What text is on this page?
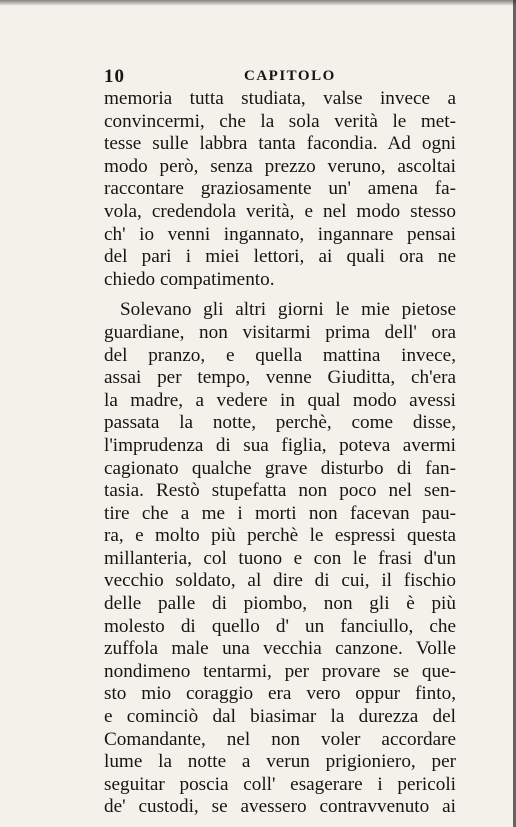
10	CAPITOLO
memoria tutta studiata, valse invece a
convincermi, che la sola verità le met-
tesse sulle labbra tanta facondia. Ad ogni
modo però, senza prezzo veruno, ascoltai
raccontare graziosamente un' amena fa-
vola, credendola verità, e nel modo stesso
ch' io venni ingannato, ingannare pensai
del pari i miei lettori, ai quali ora ne
chiedo compatimento.
Solevano gli altri giorni le mie pietose
guardiane, non visitarmi prima dell' ora
del pranzo, e quella mattina invece,
assai per tempo, venne Giuditta, ch'era
la madre, a vedere in qual modo avessi
passata la notte, perchè, come disse,
l'imprudenza di sua figlia, poteva avermi
cagionato qualche grave disturbo di fan-
tasia. Restò stupefatta non poco nel sen-
tire che a me i morti non facevan pau-
ra, e molto più perchè le espressi questa
millanteria, col tuono e con le frasi d'un
vecchio soldato, al dire di cui, il fischio
delle palle di piombo, non gli è più
molesto di quello d' un fanciullo, che
zuffola male una vecchia canzone. Volle
nondimeno tentarmi, per provare se que-
sto mio coraggio era vero oppur finto,
e cominciò dal biasimar la durezza del
Comandante, nel non voler accordare
lume la notte a verun prigioniero, per
seguitar poscia coll' esagerare i pericoli
de' custodi, se avessero contravvenuto ai
